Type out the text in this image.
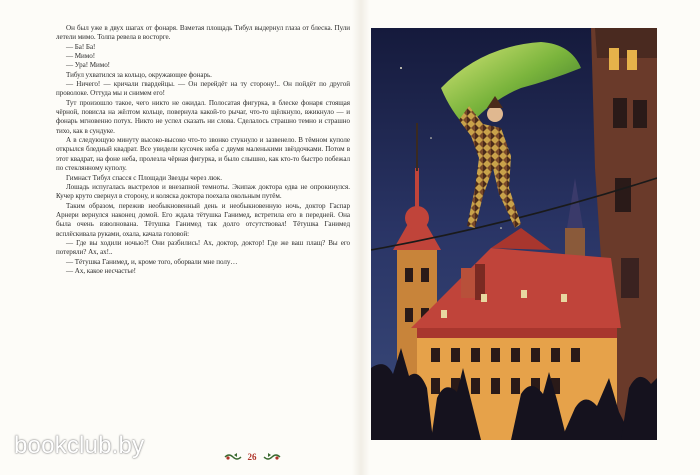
Он был уже в двух шагах от фонаря. Взметая площадь Тибул выдернул глаза от блеска. Пули летели мимо. Толпа ревела в восторге.

— Ба! Ба!

— Мимо!

— Ура! Мимо!

Тибул ухватился за кольцо, окружающее фонарь.

— Ничего! — кричали гвардейцы. — Он перейдёт на ту сторону!.. Он пойдёт по другой проволоке. Оттуда мы и снимем его!

Тут произошло такое, чего никто не ожидал. Полосатая фигурка, в блеске фонаря стоящая чёрной, повисла на жёлтом кольце, повернула какой-то рычаг, что-то щёлкнуло, вжикнуло — и фонарь мгновенно потух. Никто не успел сказать ни слова. Сделалось страшно темно и страшно тихо, как в сундуке.

А в следующую минуту высоко-высоко что-то звонко стукнуло и зазвенело. В тёмном куполе открылся бледный квадрат. Все увидели кусочек неба с двумя маленькими звёздочками. Потом в этот квадрат, на фоне неба, пролезла чёрная фигурка, и было слышно, как кто-то быстро побежал по стеклянному куполу.

Гимнаст Тибул спасся с Площади Звезды через люк.

Лошадь испугалась выстрелов и внезапной темноты. Экипаж доктора едва не опрокинулся. Кучер круто свернул в сторону, и коляска доктора поехала окольным путём.

Таким образом, пережив необыкновенный день и необыкновенную ночь, доктор Гаспар Арнери вернулся наконец домой. Его ждала тётушка Ганимед, встретила его в передней. Она была очень взволнована. Тётушка Ганимед так долго отсутствовал! Тётушка Ганимед всплёскивала руками, охала, качала головой:

— Где вы ходили ночью?! Они разбились! Ах, доктор, доктор! Где же ваш плащ? Вы его потеряли? Ах, ах!..

— Тётушка Ганимед, и, кроме того, оборвали мне полу…

— Ах, какое несчастье!

26
bookclub.by
